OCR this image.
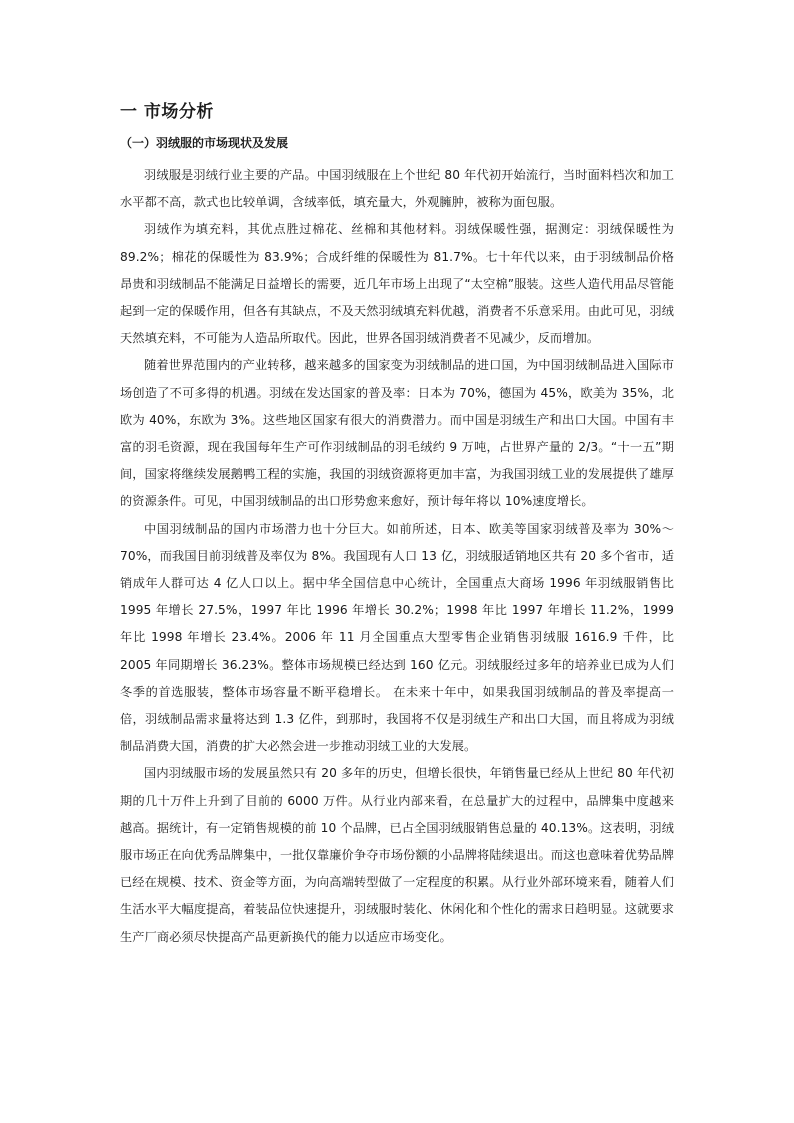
一 市场分析
（一）羽绒服的市场现状及发展

羽绒服是羽绒行业主要的产品。中国羽绒服在上个世纪 80 年代初开始流行，当时面料档次和加工水平都不高，款式也比较单调，含绒率低，填充量大，外观臃肿，被称为面包服。

羽绒作为填充料，其优点胜过棉花、丝棉和其他材料。羽绒保暖性强，据测定：羽绒保暖性为 89.2%；棉花的保暖性为 83.9%；合成纤维的保暖性为 81.7%。七十年代以来，由于羽绒制品价格昂贵和羽绒制品不能满足日益增长的需要，近几年市场上出现了“太空棉”服装。这些人造代用品尽管能起到一定的保暖作用，但各有其缺点，不及天然羽绒填充料优越，消费者不乐意采用。由此可见，羽绒天然填充料，不可能为人造品所取代。因此，世界各国羽绒消费者不见减少，反而增加。

随着世界范围内的产业转移，越来越多的国家变为羽绒制品的进口国，为中国羽绒制品进入国际市场创造了不可多得的机遇。羽绒在发达国家的普及率：日本为 70%，德国为 45%，欧美为 35%，北欧为 40%，东欧为 3%。这些地区国家有很大的消费潜力。而中国是羽绒生产和出口大国。中国有丰富的羽毛资源，现在我国每年生产可作羽绒制品的羽毛绒约 9 万吨，占世界产量的 2/3。“十一五”期间，国家将继续发展鹅鸭工程的实施，我国的羽绒资源将更加丰富，为我国羽绒工业的发展提供了雄厚的资源条件。可见，中国羽绒制品的出口形势愈来愈好，预计每年将以 10%速度增长。

中国羽绒制品的国内市场潜力也十分巨大。如前所述，日本、欧美等国家羽绒普及率为 30%～70%，而我国目前羽绒普及率仅为 8%。我国现有人口 13 亿，羽绒服适销地区共有 20 多个省市，适销成年人群可达 4 亿人口以上。据中华全国信息中心统计，全国重点大商场 1996 年羽绒服销售比 1995 年增长 27.5%，1997 年比 1996 年增长 30.2%；1998 年比 1997 年增长 11.2%，1999 年比 1998 年增长 23.4%。2006 年 11 月全国重点大型零售企业销售羽绒服 1616.9 千件，比 2005 年同期增长 36.23%。整体市场规模已经达到 160 亿元。羽绒服经过多年的培养业已成为人们冬季的首选服装，整体市场容量不断平稳增长。 在未来十年中，如果我国羽绒制品的普及率提高一倍，羽绒制品需求量将达到 1.3 亿件，到那时，我国将不仅是羽绒生产和出口大国，而且将成为羽绒制品消费大国，消费的扩大必然会进一步推动羽绒工业的大发展。

国内羽绒服市场的发展虽然只有 20 多年的历史，但增长很快，年销售量已经从上世纪 80 年代初期的几十万件上升到了目前的 6000 万件。从行业内部来看，在总量扩大的过程中，品牌集中度越来越高。据统计，有一定销售规模的前 10 个品牌，已占全国羽绒服销售总量的 40.13%。这表明，羽绒服市场正在向优秀品牌集中，一批仅靠廉价争夺市场份额的小品牌将陆续退出。而这也意味着优势品牌已经在规模、技术、资金等方面，为向高端转型做了一定程度的积累。从行业外部环境来看，随着人们生活水平大幅度提高，着装品位快速提升，羽绒服时装化、休闲化和个性化的需求日趋明显。这就要求生产厂商必须尽快提高产品更新换代的能力以适应市场变化。
